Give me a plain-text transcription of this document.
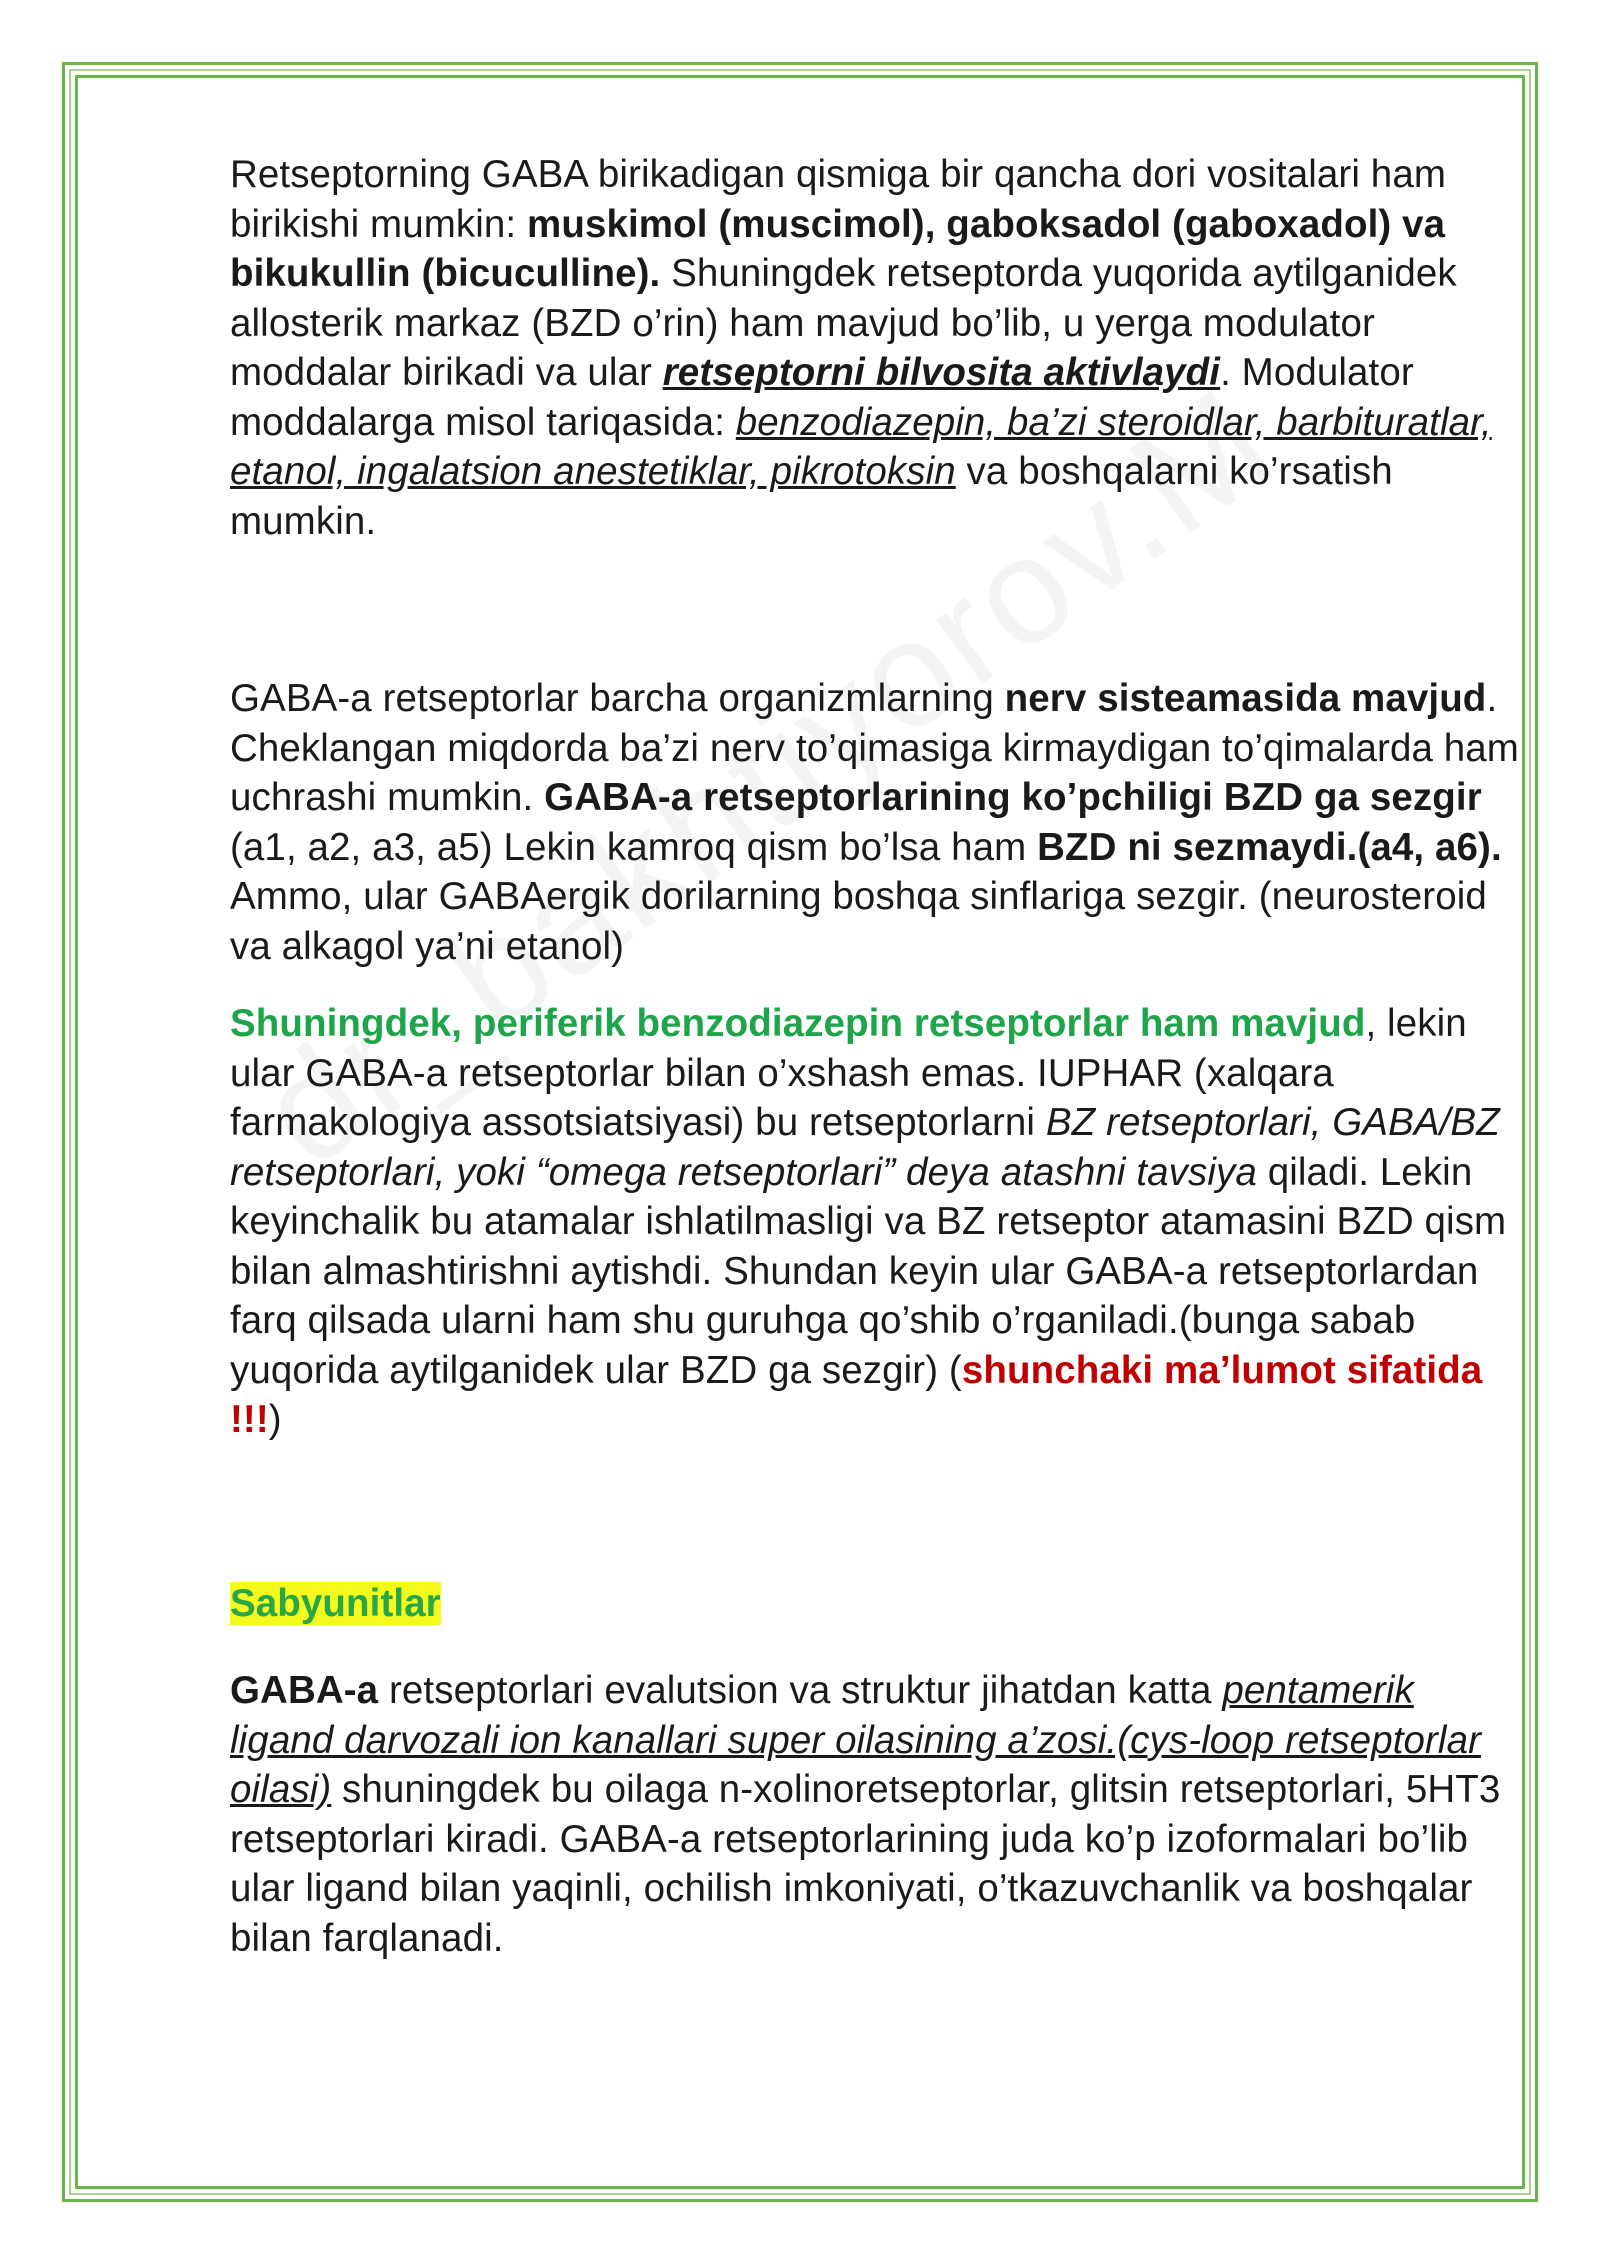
Retseptorning GABA birikadigan qismiga bir qancha dori vositalari ham birikishi mumkin: muskimol (muscimol), gaboksadol (gaboxadol) va bikukullin (bicuculline). Shuningdek retseptorda yuqorida aytilganidek allosterik markaz (BZD o’rin) ham mavjud bo’lib, u yerga modulator moddalar birikadi va ular retseptorni bilvosita aktivlaydi. Modulator moddalarga misol tariqasida: benzodiazepin, ba’zi steroidlar, barbituratlar, etanol, ingalatsion anestetiklar, pikrotoksin va boshqalarni ko’rsatish mumkin.

GABA-a retseptorlar barcha organizmlarning nerv sisteamasida mavjud. Cheklangan miqdorda ba’zi nerv to’qimasiga kirmaydigan to’qimalarda ham uchrashi mumkin. GABA-a retseptorlarining ko’pchiligi BZD ga sezgir (a1, a2, a3, a5) Lekin kamroq qism bo’lsa ham BZD ni sezmaydi.(a4, a6). Ammo, ular GABAergik dorilarning boshqa sinflariga sezgir. (neurosteroid va alkagol ya’ni etanol)

Shuningdek, periferik benzodiazepin retseptorlar ham mavjud, lekin ular GABA-a retseptorlar bilan o’xshash emas. IUPHAR (xalqara farmakologiya assotsiatsiyasi) bu retseptorlarni BZ retseptorlari, GABA/BZ retseptorlari, yoki “omega retseptorlari” deya atashni tavsiya qiladi. Lekin keyinchalik bu atamalar ishlatilmasligi va BZ retseptor atamasini BZD qism bilan almashtirishni aytishdi. Shundan keyin ular GABA-a retseptorlardan farq qilsada ularni ham shu guruhga qo’shib o’rganiladi.(bunga sabab yuqorida aytilganidek ular BZD ga sezgir) (shunchaki ma’lumot sifatida !!!)

Sabyunitlar

GABA-a retseptorlari evalutsion va struktur jihatdan katta pentamerik ligand darvozali ion kanallari super oilasining a’zosi.(cys-loop retseptorlar oilasi) shuningdek bu oilaga n-xolinoretseptorlar, glitsin retseptorlari, 5HT3 retseptorlari kiradi. GABA-a retseptorlarining juda ko’p izoformalari bo’lib ular ligand bilan yaqinli, ochilish imkoniyati, o’tkazuvchanlik va boshqalar bilan farqlanadi.
